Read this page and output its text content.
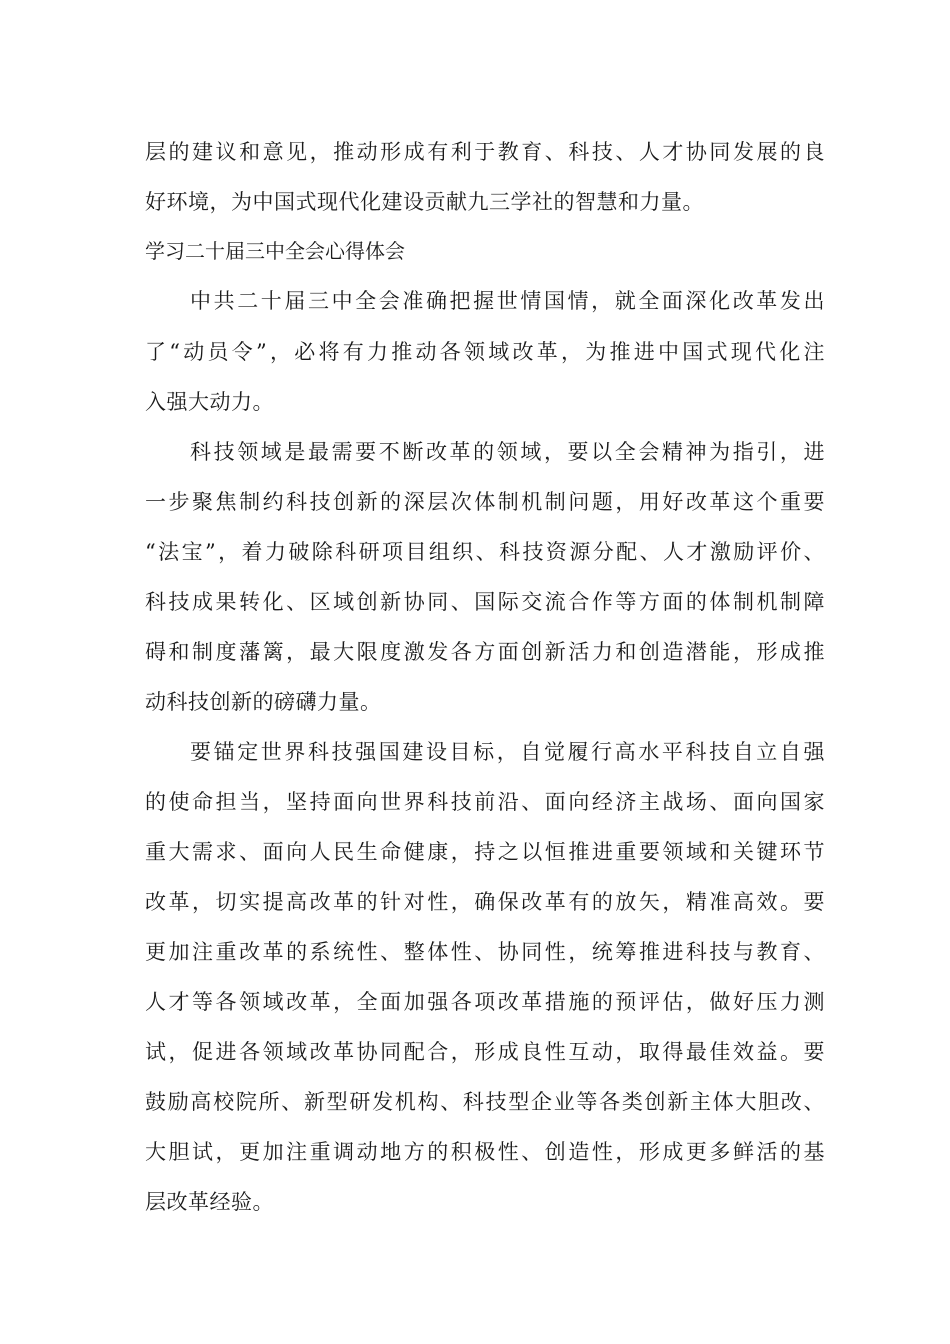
层的建议和意见，推动形成有利于教育、科技、人才协同发展的良
好环境，为中国式现代化建设贡献九三学社的智慧和力量。
学习二十届三中全会心得体会
中共二十届三中全会准确把握世情国情，就全面深化改革发出
了“动员令”，必将有力推动各领域改革，为推进中国式现代化注
入强大动力。
科技领域是最需要不断改革的领域，要以全会精神为指引，进
一步聚焦制约科技创新的深层次体制机制问题，用好改革这个重要
“法宝”，着力破除科研项目组织、科技资源分配、人才激励评价、
科技成果转化、区域创新协同、国际交流合作等方面的体制机制障
碍和制度藩篱，最大限度激发各方面创新活力和创造潜能，形成推
动科技创新的磅礴力量。
要锚定世界科技强国建设目标，自觉履行高水平科技自立自强
的使命担当，坚持面向世界科技前沿、面向经济主战场、面向国家
重大需求、面向人民生命健康，持之以恒推进重要领域和关键环节
改革，切实提高改革的针对性，确保改革有的放矢，精准高效。要
更加注重改革的系统性、整体性、协同性，统筹推进科技与教育、
人才等各领域改革，全面加强各项改革措施的预评估，做好压力测
试，促进各领域改革协同配合，形成良性互动，取得最佳效益。要
鼓励高校院所、新型研发机构、科技型企业等各类创新主体大胆改、
大胆试，更加注重调动地方的积极性、创造性，形成更多鲜活的基
层改革经验。
